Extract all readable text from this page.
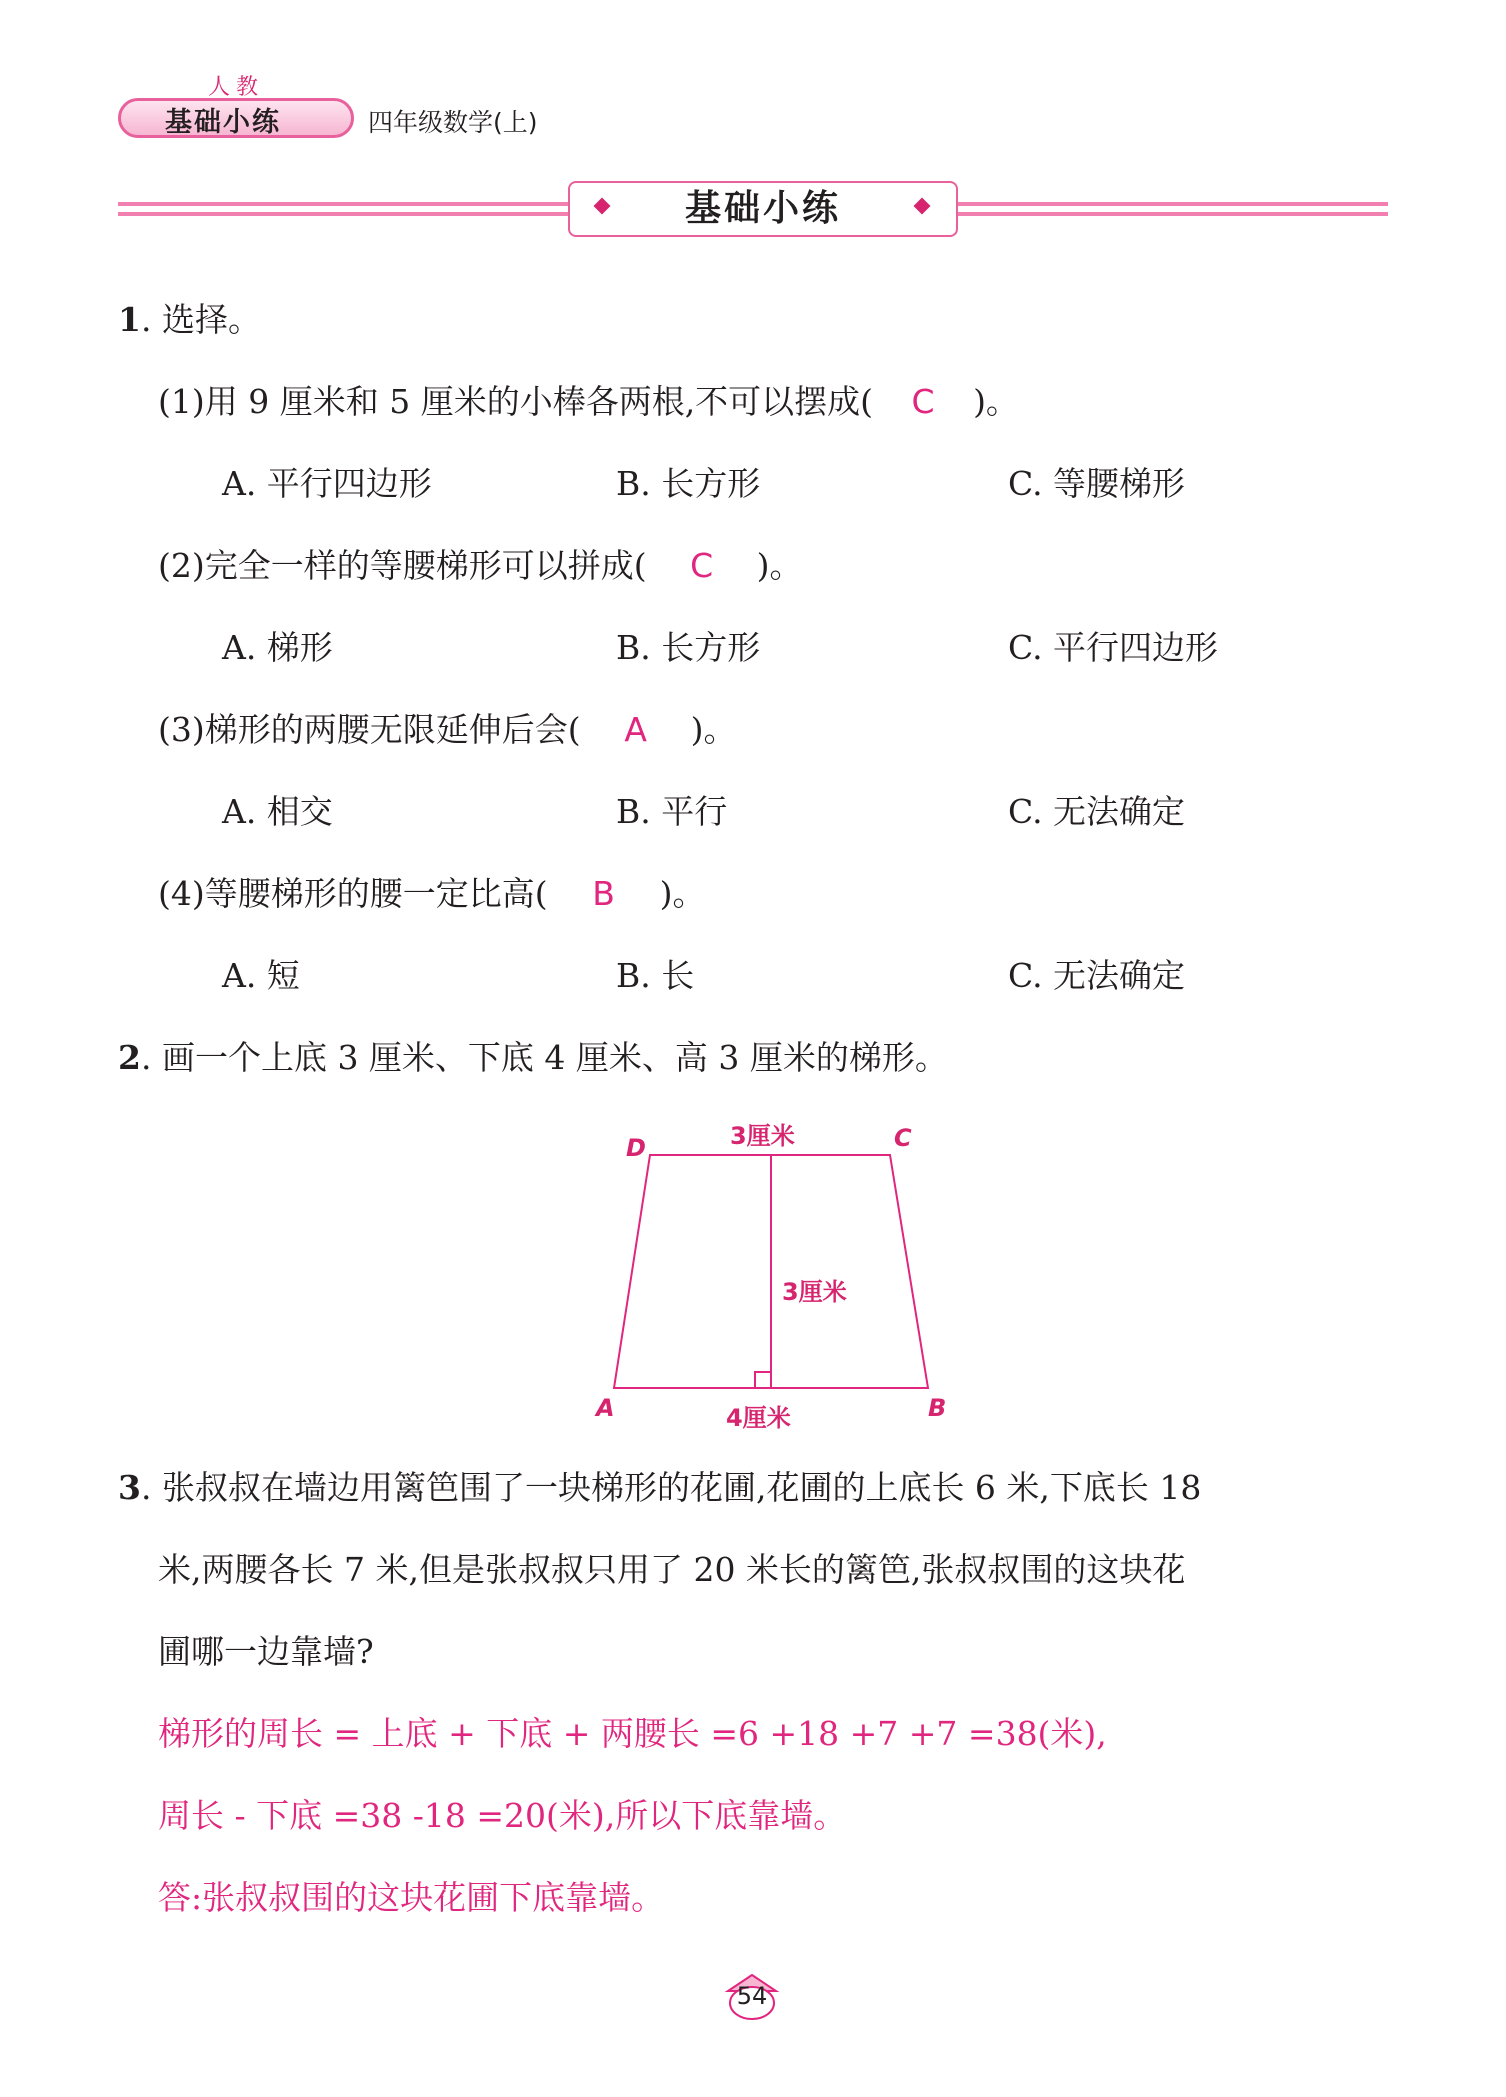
人教
基础小练	四年级数学(上)
基础小练
1. 选择。
(1)用 9 厘米和 5 厘米的小棒各两根,不可以摆成( C )。
A. 平行四边形	B. 长方形	C. 等腰梯形
(2)完全一样的等腰梯形可以拼成( C )。
A. 梯形	B. 长方形	C. 平行四边形
(3)梯形的两腰无限延伸后会( A )。
A. 相交	B. 平行	C. 无法确定
(4)等腰梯形的腰一定比高( B )。
A. 短	B. 长	C. 无法确定
2. 画一个上底 3 厘米、下底 4 厘米、高 3 厘米的梯形。
3厘米
3厘米
4厘米
D	C
A	B
3. 张叔叔在墙边用篱笆围了一块梯形的花圃,花圃的上底长 6 米,下底长 18
米,两腰各长 7 米,但是张叔叔只用了 20 米长的篱笆,张叔叔围的这块花
圃哪一边靠墙?
梯形的周长 = 上底 + 下底 + 两腰长 =6 +18 +7 +7 =38(米),
周长 - 下底 =38 -18 =20(米),所以下底靠墙。
答:张叔叔围的这块花圃下底靠墙。
54
